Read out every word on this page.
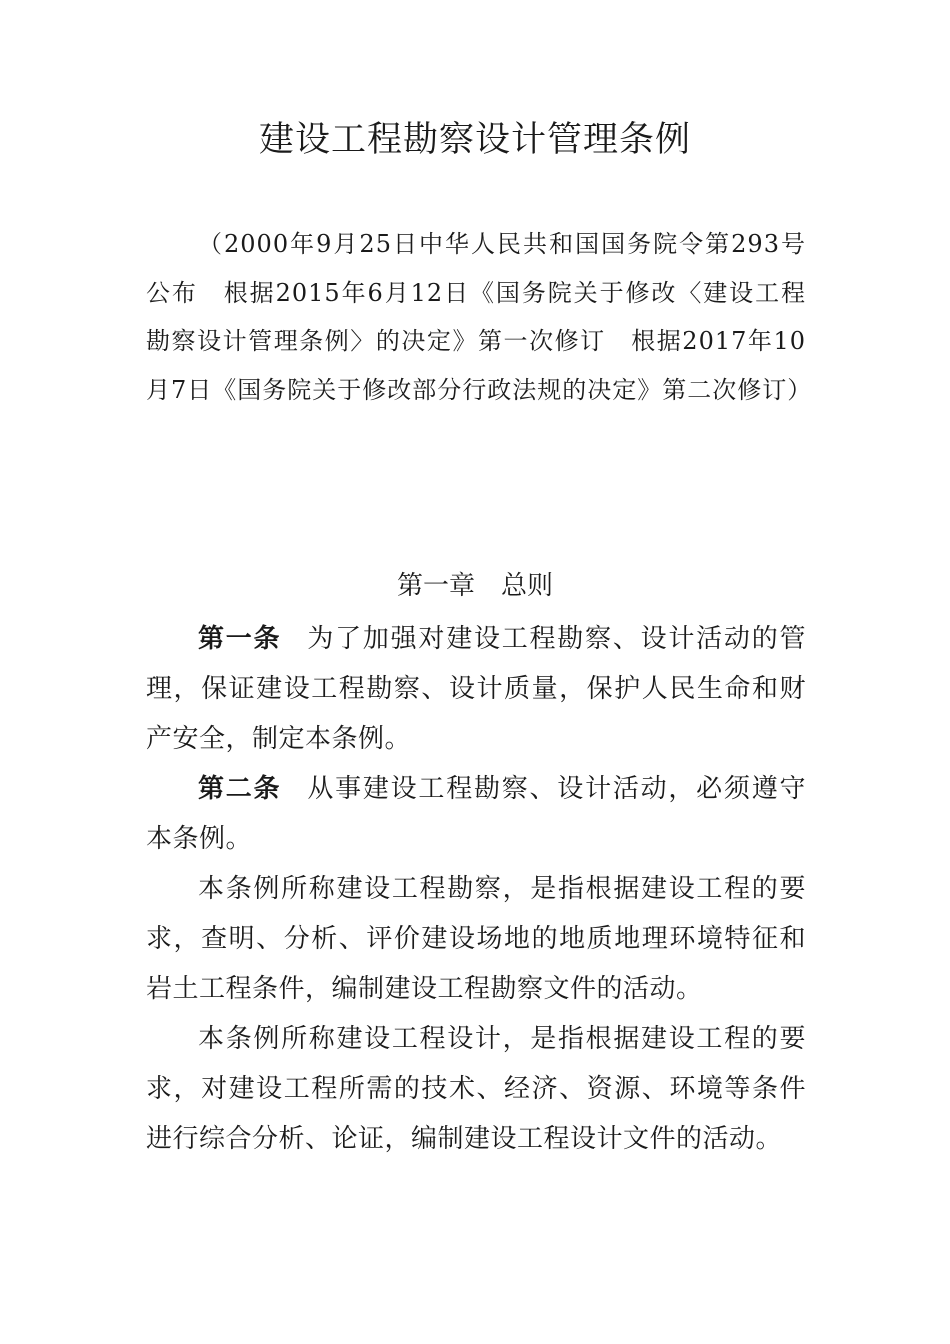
建设工程勘察设计管理条例

（2000年9月25日中华人民共和国国务院令第293号公布　根据2015年6月12日《国务院关于修改〈建设工程勘察设计管理条例〉的决定》第一次修订　根据2017年10月7日《国务院关于修改部分行政法规的决定》第二次修订）

第一章　总则

第一条 为了加强对建设工程勘察、设计活动的管理，保证建设工程勘察、设计质量，保护人民生命和财产安全，制定本条例。

第二条 从事建设工程勘察、设计活动，必须遵守本条例。

本条例所称建设工程勘察，是指根据建设工程的要求，查明、分析、评价建设场地的地质地理环境特征和岩土工程条件，编制建设工程勘察文件的活动。

本条例所称建设工程设计，是指根据建设工程的要求，对建设工程所需的技术、经济、资源、环境等条件进行综合分析、论证，编制建设工程设计文件的活动。
